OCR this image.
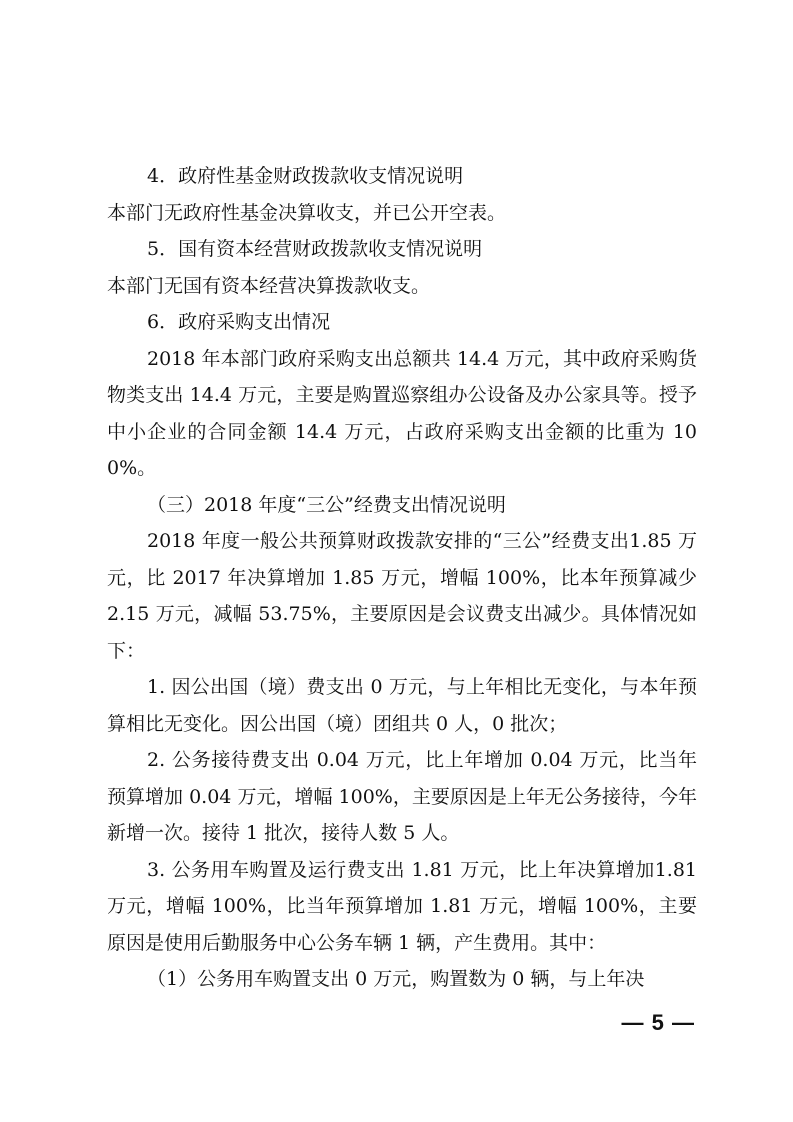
4．政府性基金财政拨款收支情况说明

本部门无政府性基金决算收支，并已公开空表。

5．国有资本经营财政拨款收支情况说明

本部门无国有资本经营决算拨款收支。

6．政府采购支出情况

2018 年本部门政府采购支出总额共 14.4 万元，其中政府采购货物类支出 14.4 万元，主要是购置巡察组办公设备及办公家具等。授予中小企业的合同金额 14.4 万元，占政府采购支出金额的比重为 100%。

（三）2018 年度“三公”经费支出情况说明

2018 年度一般公共预算财政拨款安排的“三公”经费支出1.85 万元，比 2017 年决算增加 1.85 万元，增幅 100%，比本年预算减少 2.15 万元，减幅 53.75%，主要原因是会议费支出减少。具体情况如下：

1. 因公出国（境）费支出 0 万元，与上年相比无变化，与本年预算相比无变化。因公出国（境）团组共 0 人，0 批次；

2. 公务接待费支出 0.04 万元，比上年增加 0.04 万元，比当年预算增加 0.04 万元，增幅 100%，主要原因是上年无公务接待，今年新增一次。接待 1 批次，接待人数 5 人。

3. 公务用车购置及运行费支出 1.81 万元，比上年决算增加1.81 万元，增幅 100%，比当年预算增加 1.81 万元，增幅 100%，主要原因是使用后勤服务中心公务车辆 1 辆，产生费用。其中：

（1）公务用车购置支出 0 万元，购置数为 0 辆，与上年决

— 5 —
